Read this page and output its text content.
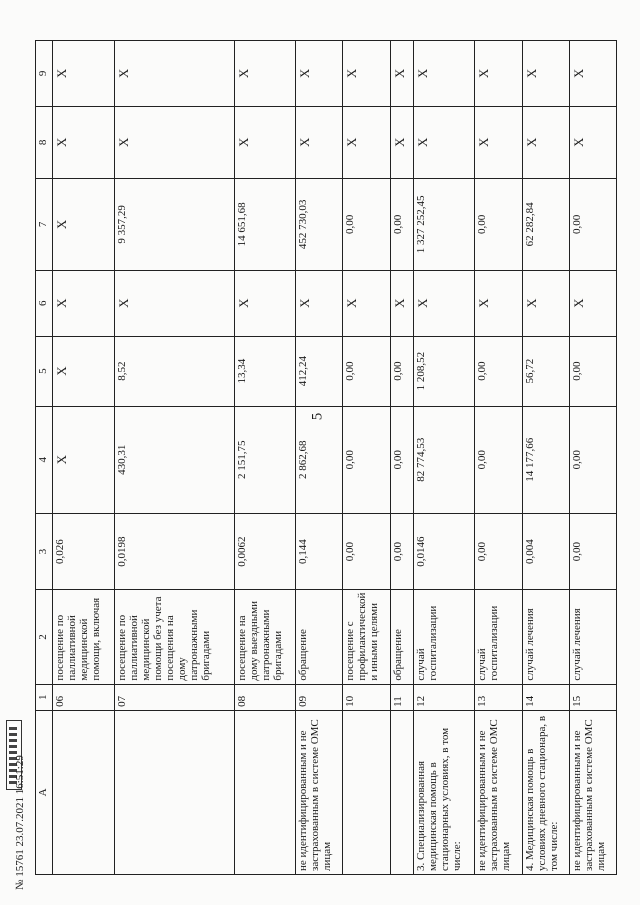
5
A	1	2	3	4	5	6	7	8	9
	06	посещение по паллиативной медицинской помощи, включая	0,026	X	X	X	X	X	X
	07	посещение по паллиативной медицинской помощи без учета посещения на дому патронажными бригадами	0,0198	430,31	8,52	X	9 357,29	X	X
	08	посещение на дому выездными патронажными бригадами	0,0062	2 151,75	13,34	X	14 651,68	X	X
не идентифицированным и не застрахованным в системе ОМС лицам	09	обращение	0,144	2 862,68	412,24	X	452 730,03	X	X
	10	посещение с профилактической и иными целями	0,00	0,00	0,00	X	0,00	X	X
	11	обращение	0,00	0,00	0,00	X	0,00	X	X
3. Специализированная медицинская помощь в стационарных условиях, в том числе:	12	случай госпитализации	0,0146	82 774,53	1 208,52	X	1 327 252,45	X	X
не идентифицированным и не застрахованным в системе ОМС лицам	13	случай госпитализации	0,00	0,00	0,00	X	0,00	X	X
4. Медицинская помощь в условиях дневного стационара, в том числе:	14	случай лечения	0,004	14 177,66	56,72	X	62 282,84	X	X
не идентифицированным и не застрахованным в системе ОМС лицам	15	случай лечения	0,00	0,00	0,00	X	0,00	X	X
№ 15761 23.07.2021 16:51:29
